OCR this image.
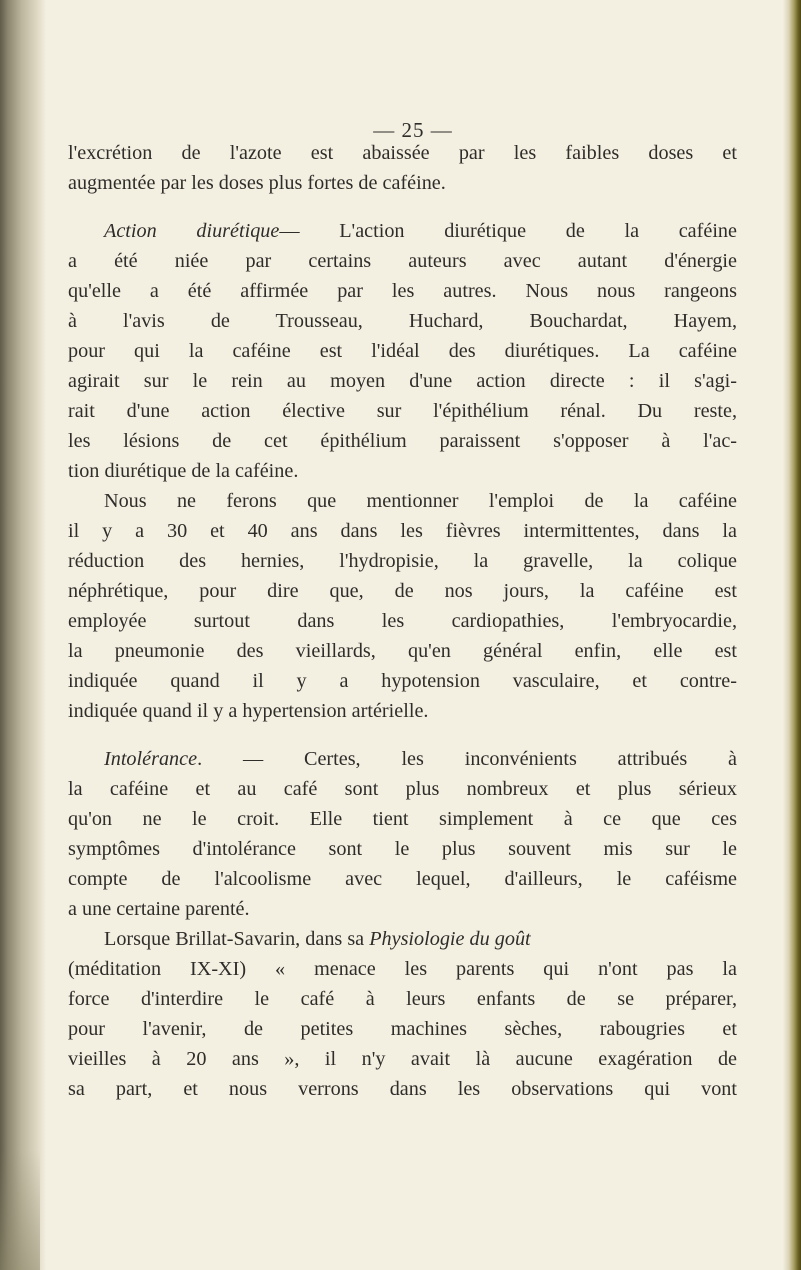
— 25 —
l'excrétion de l'azote est abaissée par les faibles doses et
augmentée par les doses plus fortes de caféine.
Action diurétique— L'action diurétique de la caféine
a été niée par certains auteurs avec autant d'énergie
qu'elle a été affirmée par les autres. Nous nous rangeons
à l'avis de Trousseau, Huchard, Bouchardat, Hayem,
pour qui la caféine est l'idéal des diurétiques. La caféine
agirait sur le rein au moyen d'une action directe : il s'agi-
rait d'une action élective sur l'épithélium rénal. Du reste,
les lésions de cet épithélium paraissent s'opposer à l'ac-
tion diurétique de la caféine.
Nous ne ferons que mentionner l'emploi de la caféine
il y a 30 et 40 ans dans les fièvres intermittentes, dans la
réduction des hernies, l'hydropisie, la gravelle, la colique
néphrétique, pour dire que, de nos jours, la caféine est
employée surtout dans les cardiopathies, l'embryocardie,
la pneumonie des vieillards, qu'en général enfin, elle est
indiquée quand il y a hypotension vasculaire, et contre-
indiquée quand il y a hypertension artérielle.
Intolérance. — Certes, les inconvénients attribués à
la caféine et au café sont plus nombreux et plus sérieux
qu'on ne le croit. Elle tient simplement à ce que ces
symptômes d'intolérance sont le plus souvent mis sur le
compte de l'alcoolisme avec lequel, d'ailleurs, le caféisme
a une certaine parenté.
Lorsque Brillat-Savarin, dans sa Physiologie du goût
(méditation IX-XI) « menace les parents qui n'ont pas la
force d'interdire le café à leurs enfants de se préparer,
pour l'avenir, de petites machines sèches, rabougries et
vieilles à 20 ans », il n'y avait là aucune exagération de
sa part, et nous verrons dans les observations qui vont
